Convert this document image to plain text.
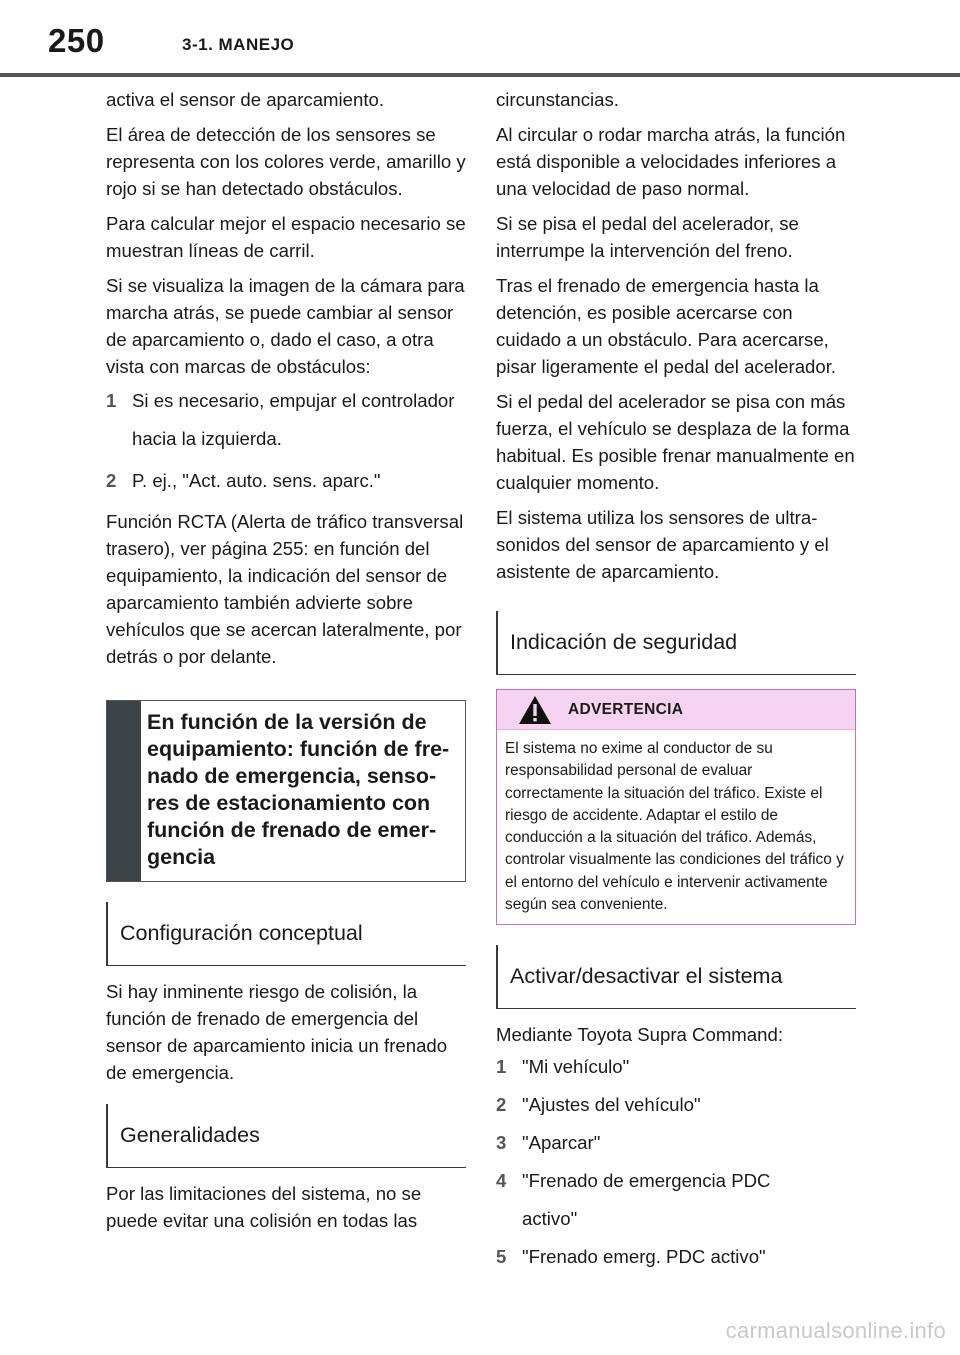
250	3-1. MANEJO

activa el sensor de aparcamiento.

El área de detección de los sensores se representa con los colores verde, amarillo y rojo si se han detectado obstáculos.

Para calcular mejor el espacio necesario se muestran líneas de carril.

Si se visualiza la imagen de la cámara para marcha atrás, se puede cambiar al sensor de aparcamiento o, dado el caso, a otra vista con marcas de obstáculos:

1 Si es necesario, empujar el controlador hacia la izquierda.
2 P. ej., "Act. auto. sens. aparc."

Función RCTA (Alerta de tráfico transversal trasero), ver página 255: en función del equipamiento, la indicación del sensor de aparcamiento también advierte sobre vehículos que se acercan lateralmente, por detrás o por delante.

En función de la versión de equipamiento: función de frenado de emergencia, sensores de estacionamiento con función de frenado de emergencia
Configuración conceptual

Si hay inminente riesgo de colisión, la función de frenado de emergencia del sensor de aparcamiento inicia un frenado de emergencia.

Generalidades

Por las limitaciones del sistema, no se puede evitar una colisión en todas las

circunstancias.

Al circular o rodar marcha atrás, la función está disponible a velocidades inferiores a una velocidad de paso normal.

Si se pisa el pedal del acelerador, se interrumpe la intervención del freno.

Tras el frenado de emergencia hasta la detención, es posible acercarse con cuidado a un obstáculo. Para acercarse, pisar ligeramente el pedal del acelerador.

Si el pedal del acelerador se pisa con más fuerza, el vehículo se desplaza de la forma habitual. Es posible frenar manualmente en cualquier momento.

El sistema utiliza los sensores de ultrasonidos del sensor de aparcamiento y el asistente de aparcamiento.

Indicación de seguridad
ADVERTENCIA
El sistema no exime al conductor de su responsabilidad personal de evaluar correctamente la situación del tráfico. Existe el riesgo de accidente. Adaptar el estilo de conducción a la situación del tráfico. Además, controlar visualmente las condiciones del tráfico y el entorno del vehículo e intervenir activamente según sea conveniente.
Activar/desactivar el sistema

Mediante Toyota Supra Command:

1 "Mi vehículo"
2 "Ajustes del vehículo"
3 "Aparcar"
4 "Frenado de emergencia PDC activo"
5 "Frenado emerg. PDC activo"
carmanualsonline.info
